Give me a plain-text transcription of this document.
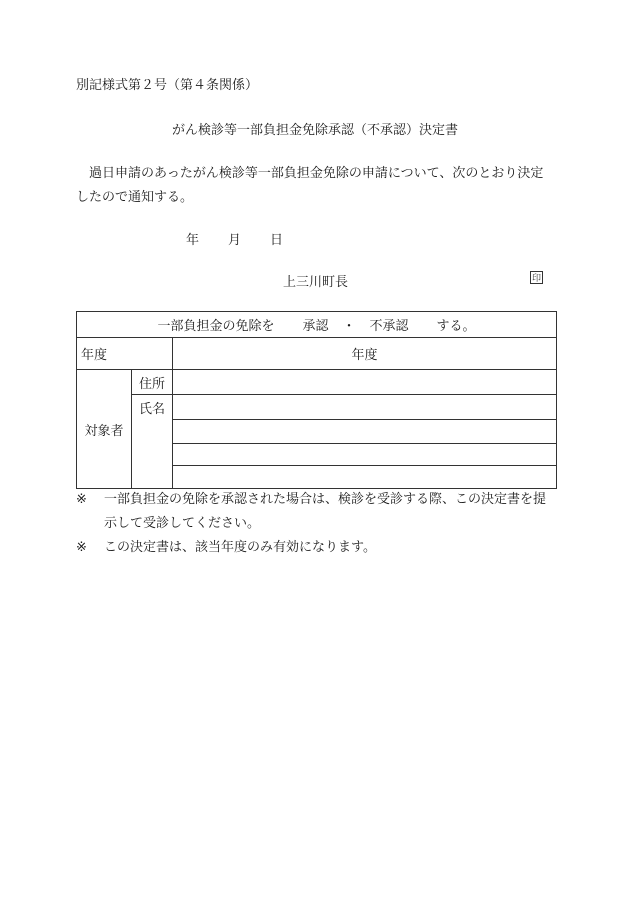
別記様式第２号（第４条関係）
がん検診等一部負担金免除承認（不承認）決定書
過日申請のあったがん検診等一部負担金免除の申請について、次のとおり決定したので通知する。
年 月 日
上三川町長	印
一部負担金の免除を 承認 ・ 不承認 する。		
年度		年度
対象者	住所	
	氏名	

※	一部負担金の免除を承認された場合は、検診を受診する際、この決定書を提示して受診してください。
※	この決定書は、該当年度のみ有効になります。
